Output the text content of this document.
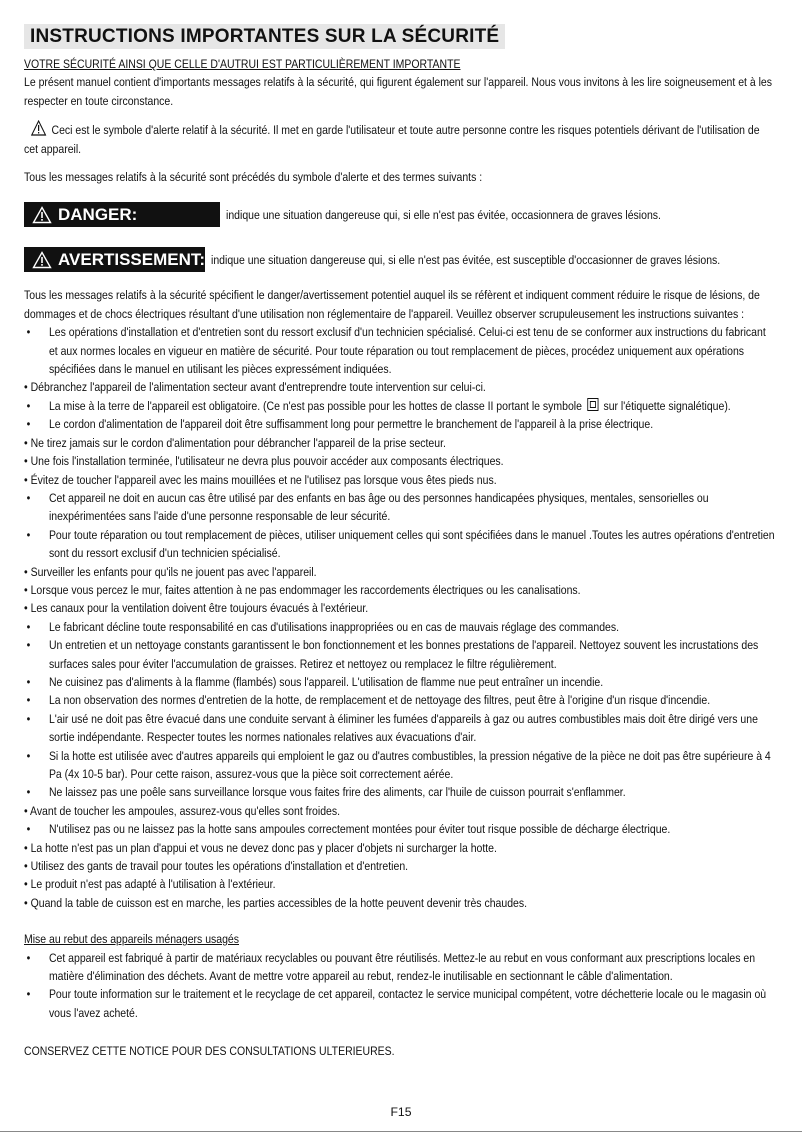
INSTRUCTIONS IMPORTANTES SUR LA SÉCURITÉ
VOTRE SÉCURITÉ AINSI QUE CELLE D'AUTRUI EST PARTICULIÈREMENT IMPORTANTE
Le présent manuel contient d'importants messages relatifs à la sécurité, qui figurent également sur l'appareil. Nous vous invitons à les lire soigneusement et à les respecter en toute circonstance.
Ceci est le symbole d'alerte relatif à la sécurité. Il met en garde l'utilisateur et toute autre personne contre les risques potentiels dérivant de l'utilisation de cet appareil.
Tous les messages relatifs à la sécurité sont précédés du symbole d'alerte et des termes suivants :
DANGER:	indique une situation dangereuse qui, si elle n'est pas évitée, occasionnera de graves lésions.
AVERTISSEMENT: indique une situation dangereuse qui, si elle n'est pas évitée, est susceptible d'occasionner de graves lésions.
Tous les messages relatifs à la sécurité spécifient le danger/avertissement potentiel auquel ils se réfèrent et indiquent comment réduire le risque de lésions, de dommages et de chocs électriques résultant d'une utilisation non réglementaire de l'appareil. Veuillez observer scrupuleusement les instructions suivantes :
• Les opérations d'installation et d'entretien sont du ressort exclusif d'un technicien spécialisé. Celui-ci est tenu de se conformer aux instructions du fabricant et aux normes locales en vigueur en matière de sécurité. Pour toute réparation ou tout remplacement de pièces, procédez uniquement aux opérations spécifiées dans le manuel en utilisant les pièces expressément indiquées.
• Débranchez l'appareil de l'alimentation secteur avant d'entreprendre toute intervention sur celui-ci.
• La mise à la terre de l'appareil est obligatoire. (Ce n'est pas possible pour les hottes de classe II portant le symbole sur l'étiquette signalétique).
• Le cordon d'alimentation de l'appareil doit être suffisamment long pour permettre le branchement de l'appareil à la prise électrique.
• Ne tirez jamais sur le cordon d'alimentation pour débrancher l'appareil de la prise secteur.
• Une fois l'installation terminée, l'utilisateur ne devra plus pouvoir accéder aux composants électriques.
• Évitez de toucher l'appareil avec les mains mouillées et ne l'utilisez pas lorsque vous êtes pieds nus.
• Cet appareil ne doit en aucun cas être utilisé par des enfants en bas âge ou des personnes handicapées physiques, mentales, sensorielles ou inexpérimentées sans l'aide d'une personne responsable de leur sécurité.
• Pour toute réparation ou tout remplacement de pièces, utiliser uniquement celles qui sont spécifiées dans le manuel .Toutes les autres opérations d'entretien sont du ressort exclusif d'un technicien spécialisé.
• Surveiller les enfants pour qu'ils ne jouent pas avec l'appareil.
• Lorsque vous percez le mur, faites attention à ne pas endommager les raccordements électriques ou les canalisations.
• Les canaux pour la ventilation doivent être toujours évacués à l'extérieur.
• Le fabricant décline toute responsabilité en cas d'utilisations inappropriées ou en cas de mauvais réglage des commandes.
• Un entretien et un nettoyage constants garantissent le bon fonctionnement et les bonnes prestations de l'appareil. Nettoyez souvent les incrustations des surfaces sales pour éviter l'accumulation de graisses. Retirez et nettoyez ou remplacez le filtre régulièrement.
• Ne cuisinez pas d'aliments à la flamme (flambés) sous l'appareil. L'utilisation de flamme nue peut entraîner un incendie.
• La non observation des normes d'entretien de la hotte, de remplacement et de nettoyage des filtres, peut être à l'origine d'un risque d'incendie.
• L'air usé ne doit pas être évacué dans une conduite servant à éliminer les fumées d'appareils à gaz ou autres combustibles mais doit être dirigé vers une sortie indépendante. Respecter toutes les normes nationales relatives aux évacuations d'air.
• Si la hotte est utilisée avec d'autres appareils qui emploient le gaz ou d'autres combustibles, la pression négative de la pièce ne doit pas être supérieure à 4 Pa (4x 10-5 bar). Pour cette raison, assurez-vous que la pièce soit correctement aérée.
• Ne laissez pas une poêle sans surveillance lorsque vous faites frire des aliments, car l'huile de cuisson pourrait s'enflammer.
• Avant de toucher les ampoules, assurez-vous qu'elles sont froides.
• N'utilisez pas ou ne laissez pas la hotte sans ampoules correctement montées pour éviter tout risque possible de décharge électrique.
• La hotte n'est pas un plan d'appui et vous ne devez donc pas y placer d'objets ni surcharger la hotte.
• Utilisez des gants de travail pour toutes les opérations d'installation et d'entretien.
• Le produit n'est pas adapté à l'utilisation à l'extérieur.
• Quand la table de cuisson est en marche, les parties accessibles de la hotte peuvent devenir très chaudes.
Mise au rebut des appareils ménagers usagés
• Cet appareil est fabriqué à partir de matériaux recyclables ou pouvant être réutilisés. Mettez-le au rebut en vous conformant aux prescriptions locales en matière d'élimination des déchets. Avant de mettre votre appareil au rebut, rendez-le inutilisable en sectionnant le câble d'alimentation.
• Pour toute information sur le traitement et le recyclage de cet appareil, contactez le service municipal compétent, votre déchetterie locale ou le magasin où vous l'avez acheté.
CONSERVEZ CETTE NOTICE POUR DES CONSULTATIONS ULTERIEURES.
F15
